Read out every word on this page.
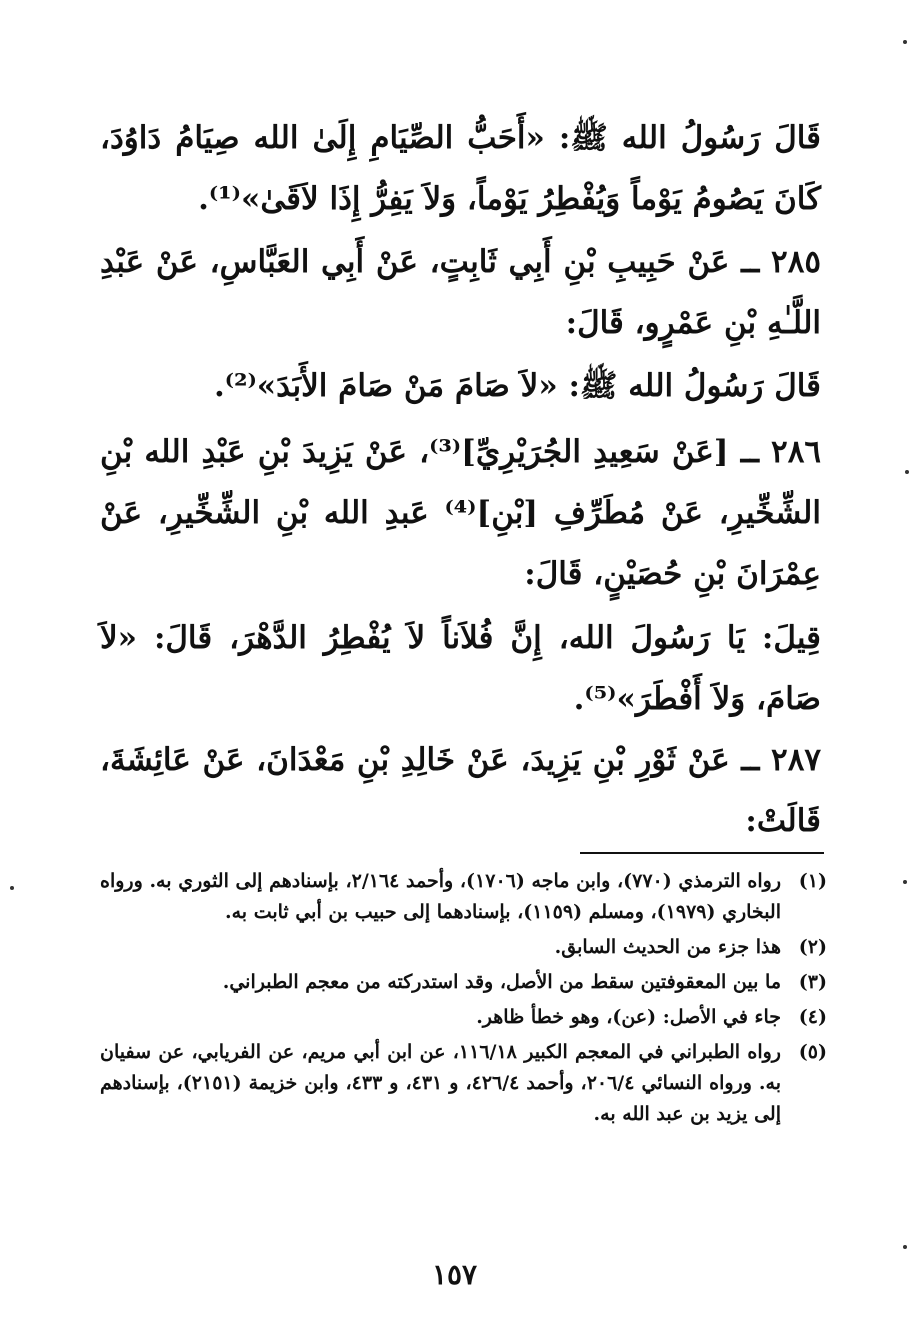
قَالَ رَسُولُ الله ﷺ: «أَحَبُّ الصِّيَامِ إِلَىٰ الله صِيَامُ دَاوُدَ، كَانَ يَصُومُ يَوْماً وَيُفْطِرُ يَوْماً، وَلاَ يَفِرُّ إِذَا لاَقَىٰ»⁽¹⁾.

٢٨٥ ــ عَنْ حَبِيبِ بْنِ أَبِي ثَابِتٍ، عَنْ أَبِي العَبَّاسِ، عَنْ عَبْدِ اللَّـٰهِ بْنِ عَمْرٍو، قَالَ:

قَالَ رَسُولُ الله ﷺ: «لاَ صَامَ مَنْ صَامَ الأَبَدَ»⁽²⁾.

٢٨٦ ــ [عَنْ سَعِيدِ الجُرَيْرِيِّ]⁽³⁾، عَنْ يَزِيدَ بْنِ عَبْدِ الله بْنِ الشِّخِّيرِ، عَنْ مُطَرِّفِ [بْنِ]⁽⁴⁾ عَبدِ الله بْنِ الشِّخِّيرِ، عَنْ عِمْرَانَ بْنِ حُصَيْنٍ، قَالَ:

قِيلَ: يَا رَسُولَ الله، إِنَّ فُلاَناً لاَ يُفْطِرُ الدَّهْرَ، قَالَ: «لاَ صَامَ، وَلاَ أَفْطَرَ»⁽⁵⁾.

٢٨٧ ــ عَنْ ثَوْرِ بْنِ يَزِيدَ، عَنْ خَالِدِ بْنِ مَعْدَانَ، عَنْ عَائِشَةَ، قَالَتْ:

(١)
رواه الترمذي (٧٧٠)، وابن ماجه (١٧٠٦)، وأحمد ٢/١٦٤، بإسنادهم إلى الثوري به. ورواه البخاري (١٩٧٩)، ومسلم (١١٥٩)، بإسنادهما إلى حبيب بن أبي ثابت به.
(٢)
هذا جزء من الحديث السابق.
(٣)
ما بين المعقوفتين سقط من الأصل، وقد استدركته من معجم الطبراني.
(٤)
جاء في الأصل: (عن)، وهو خطأ ظاهر.
(٥)
رواه الطبراني في المعجم الكبير ١١٦/١٨، عن ابن أبي مريم، عن الفريابي، عن سفيان به. ورواه النسائي ٢٠٦/٤، وأحمد ٤٢٦/٤، و ٤٣١، و ٤٣٣، وابن خزيمة (٢١٥١)، بإسنادهم إلى يزيد بن عبد الله به.
١٥٧
